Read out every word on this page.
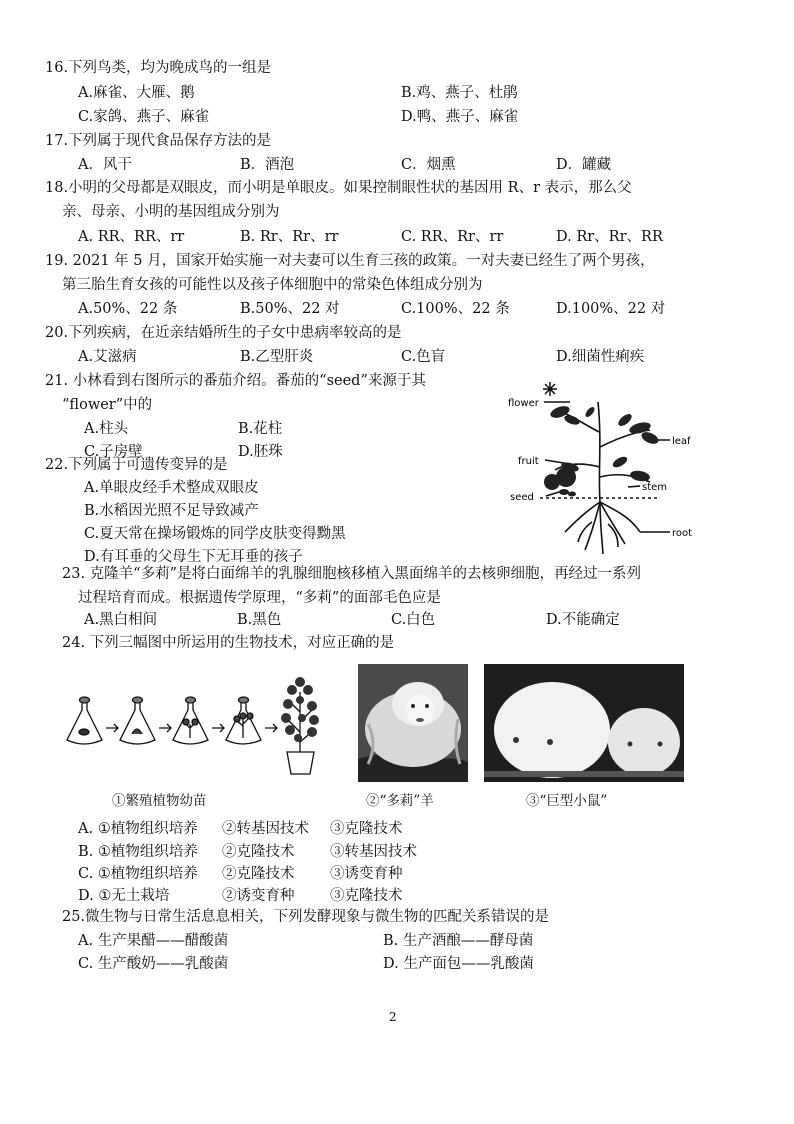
16.下列鸟类，均为晚成鸟的一组是
A.麻雀、大雁、鹅	B.鸡、燕子、杜鹃
C.家鸽、燕子、麻雀	D.鸭、燕子、麻雀
17.下列属于现代食品保存方法的是
A．风干	B．酒泡	C．烟熏	D．罐藏
18.小明的父母都是双眼皮，而小明是单眼皮。如果控制眼性状的基因用 R、r 表示，那么父
亲、母亲、小明的基因组成分别为
A. RR、RR、rr	B. Rr、Rr、rr	C. RR、Rr、rr	D. Rr、Rr、RR
19. 2021 年 5 月，国家开始实施一对夫妻可以生育三孩的政策。一对夫妻已经生了两个男孩，
第三胎生育女孩的可能性以及孩子体细胞中的常染色体组成分别为
A.50%、22 条	B.50%、22 对	C.100%、22 条	D.100%、22 对
20.下列疾病，在近亲结婚所生的子女中患病率较高的是
A.艾滋病	B.乙型肝炎	C.色盲	D.细菌性痢疾
21. 小林看到右图所示的番茄介绍。番茄的“seed”来源于其
“flower”中的
A.柱头	B.花柱
C.子房壁	D.胚珠
flower
leaf
fruit
stem
seed
root
22.下列属于可遗传变异的是
A.单眼皮经手术整成双眼皮
B.水稻因光照不足导致减产
C.夏天常在操场锻炼的同学皮肤变得黝黑
D.有耳垂的父母生下无耳垂的孩子
23. 克隆羊“多莉”是将白面绵羊的乳腺细胞核移植入黑面绵羊的去核卵细胞，再经过一系列
过程培育而成。根据遗传学原理，“多莉”的面部毛色应是
A.黑白相间	B.黑色	C.白色	D.不能确定
24. 下列三幅图中所运用的生物技术，对应正确的是
①繁殖植物幼苗	②“多莉”羊	③“巨型小鼠”
A. ①植物组织培养 ②转基因技术 ③克隆技术
B. ①植物组织培养 ②克隆技术 ③转基因技术
C. ①植物组织培养 ②克隆技术 ③诱变育种
D. ①无土栽培	②诱变育种 ③克隆技术
25.微生物与日常生活息息相关，下列发酵现象与微生物的匹配关系错误的是
A. 生产果醋——醋酸菌	B. 生产酒酿——酵母菌
C. 生产酸奶——乳酸菌	D. 生产面包——乳酸菌
2
